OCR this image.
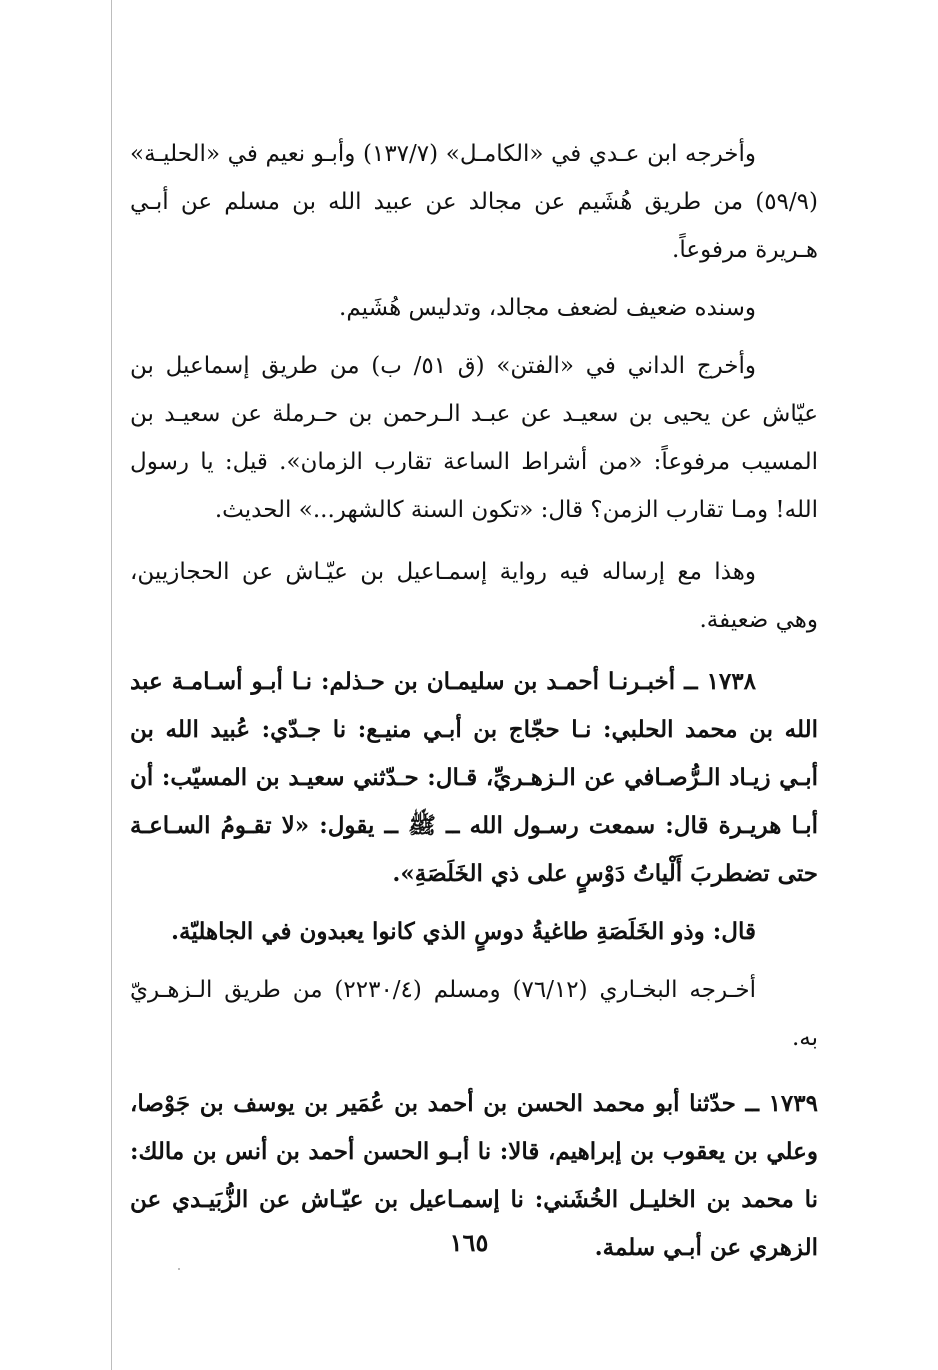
وأخرجه ابن عـدي في «الكامـل» (١٣٧/٧) وأبـو نعيم في «الحليـة» (٥٩/٩) من طريق هُشَيم عن مجالد عن عبيد الله بن مسلم عن أبـي هـريرة مرفوعاً.

وسنده ضعيف لضعف مجالد، وتدليس هُشَيم.

وأخرج الداني في «الفتن» (ق ٥١/ ب) من طريق إسماعيل بن عيّاش عن يحيى بن سعيـد عن عبـد الـرحمن بن حـرملة عن سعيـد بن المسيب مرفوعاً: «من أشراط الساعة تقارب الزمان». قيل: يا رسول الله! ومـا تقارب الزمن؟ قال: «تكون السنة كالشهر...» الحديث.

وهذا مع إرساله فيه رواية إسمـاعيل بن عيّـاش عن الحجازيين، وهي ضعيفة.

١٧٣٨ ــ أخبـرنـا أحمـد بن سليمـان بن حـذلم: نـا أبـو أسـامـة عبد الله بن محمد الحلبي: نـا حجّاج بن أبـي منيـع: نا جـدّي: عُبيد الله بن أبـي زيـاد الـرُّصـافي عن الـزهـريِّ، قـال: حـدّثني سعيـد بن المسيّب: أن أبـا هريـرة قال: سمعت رسـول الله ــ ﷺ ــ يقول: «لا تقـومُ السـاعـة حتى تضطربَ أَلْياتُ دَوْسٍ على ذي الخَلَصَةِ».

قال: وذو الخَلَصَةِ طاغيةُ دوسٍ الذي كانوا يعبدون في الجاهليّة.

أخـرجه البخـاري (٧٦/١٢) ومسلم (٢٢٣٠/٤) من طريق الـزهـريّ به.

١٧٣٩ ــ حدّثنا أبو محمد الحسن بن أحمد بن عُمَير بن يوسف بن جَوْصا، وعلي بن يعقوب بن إبراهيم، قالا: نا أبـو الحسن أحمد بن أنس بن مالك: نا محمد بن الخليـل الخُشَني: نا إسمـاعيل بن عيّـاش عن الزُّبَيـدي عن الزهري عن أبـي سلمة.

١٦٥
